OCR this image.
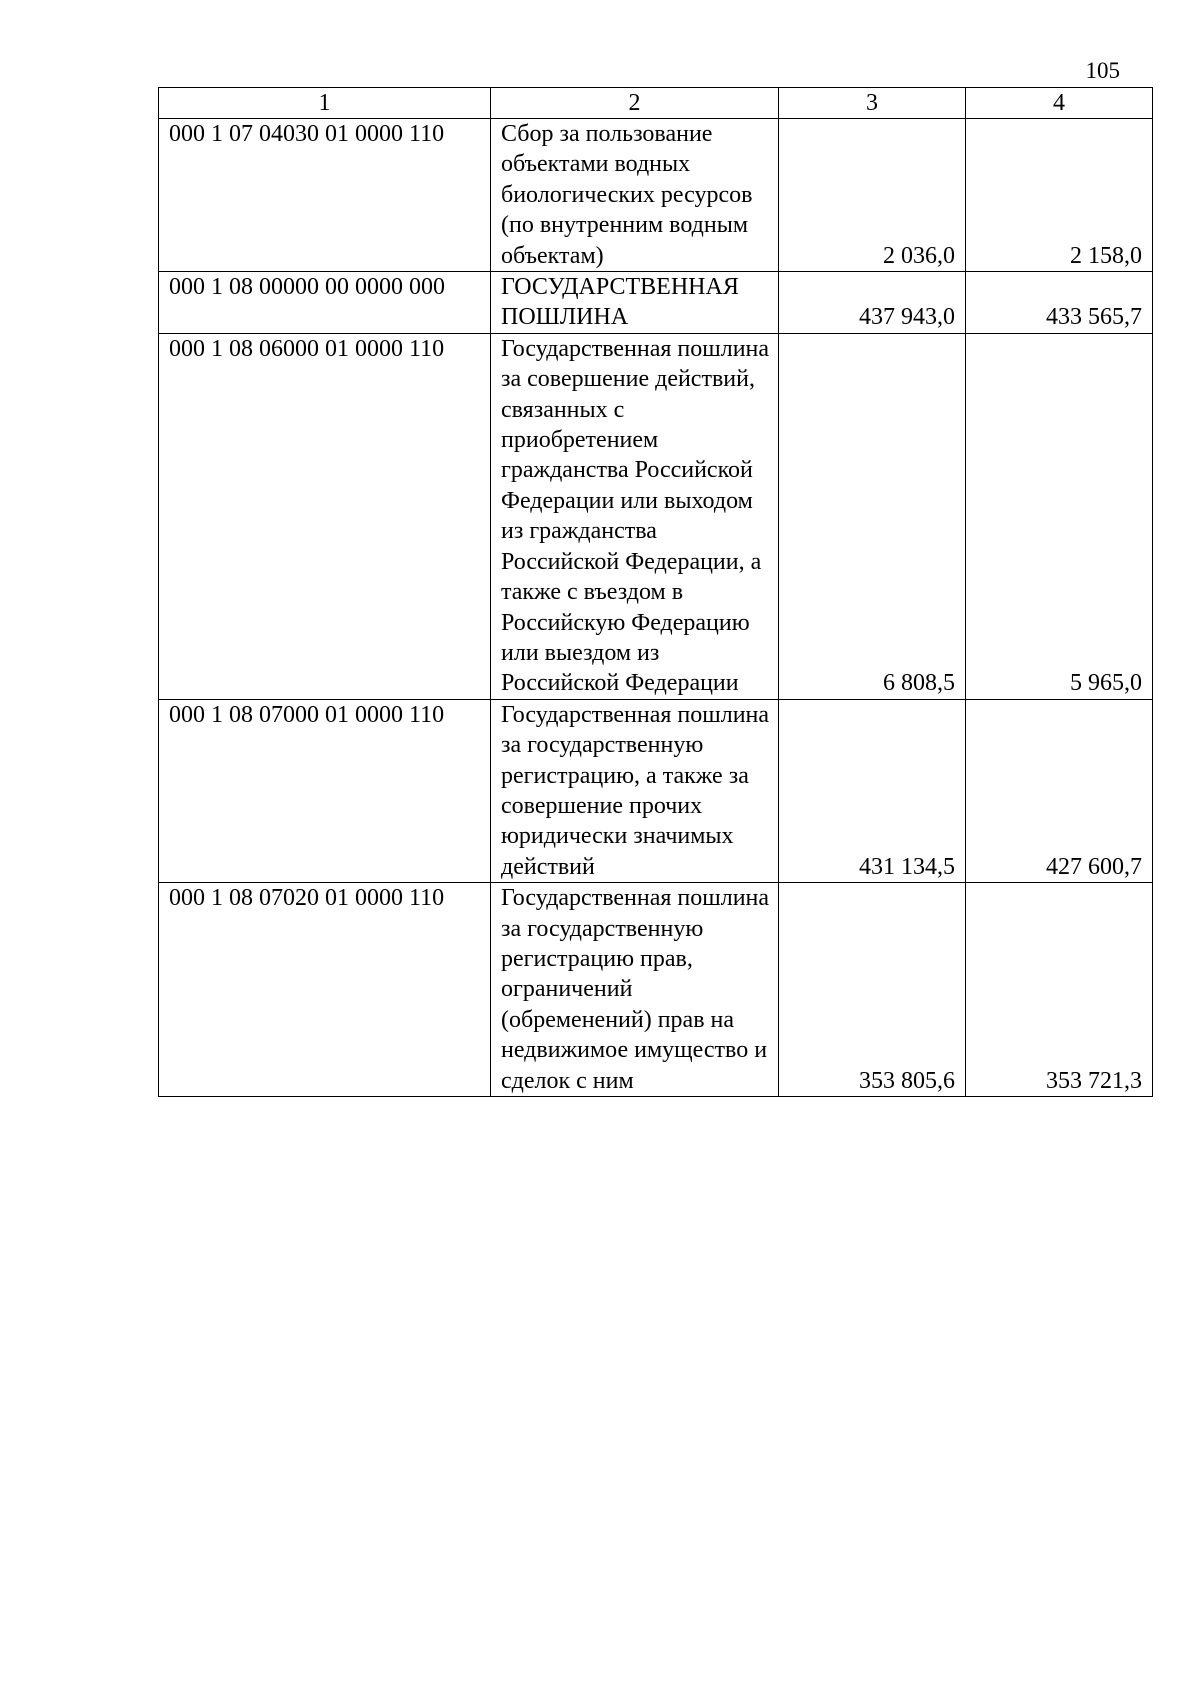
105
1	2	3	4
000 1 07 04030 01 0000 110	Сбор за пользование объектами водных биологических ресурсов (по внутренним водным объектам)	2 036,0	2 158,0
000 1 08 00000 00 0000 000	ГОСУДАРСТВЕННАЯ ПОШЛИНА	437 943,0	433 565,7
000 1 08 06000 01 0000 110	Государственная пошлина за совершение действий, связанных с приобретением гражданства Российской Федерации или выходом из гражданства Российской Федерации, а также с въездом в Российскую Федерацию или выездом из Российской Федерации	6 808,5	5 965,0
000 1 08 07000 01 0000 110	Государственная пошлина за государственную регистрацию, а также за совершение прочих юридически значимых действий	431 134,5	427 600,7
000 1 08 07020 01 0000 110	Государственная пошлина за государственную регистрацию прав, ограничений (обременений) прав на недвижимое имущество и сделок с ним	353 805,6	353 721,3
